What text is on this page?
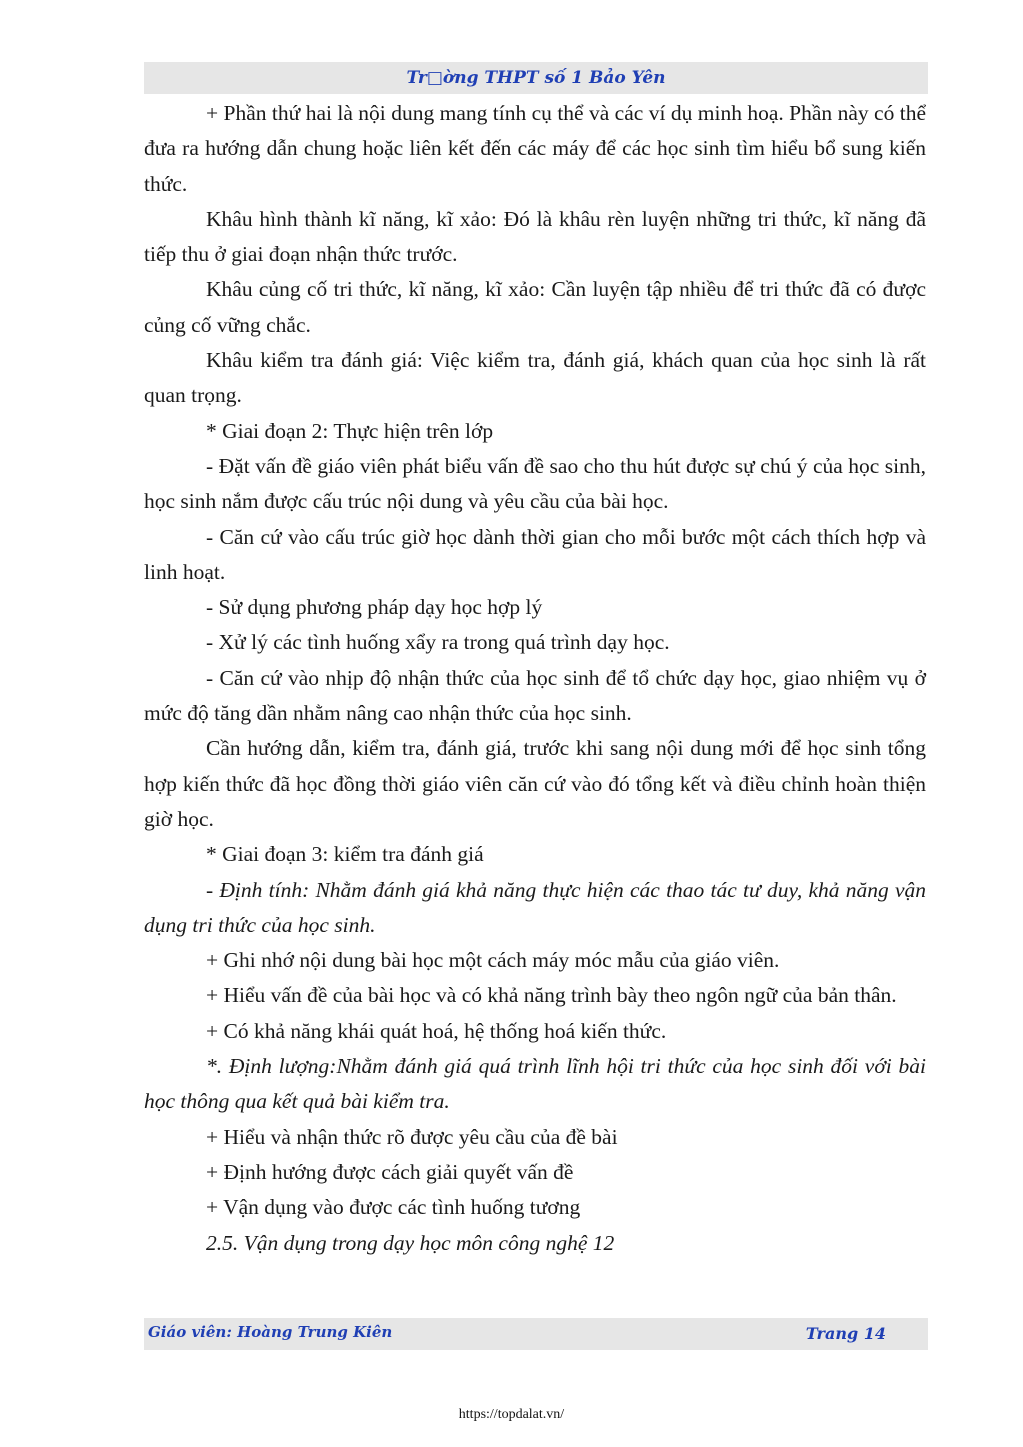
Tr□ờng THPT số 1 Bảo Yên

+ Phần thứ hai là nội dung mang tính cụ thể và các ví dụ minh hoạ. Phần này có thể đưa ra hướng dẫn chung hoặc liên kết đến các máy để các học sinh tìm hiểu bổ sung kiến thức.

Khâu hình thành kĩ năng, kĩ xảo: Đó là khâu rèn luyện những tri thức, kĩ năng đã tiếp thu ở giai đoạn nhận thức trước.

Khâu củng cố tri thức, kĩ năng, kĩ xảo: Cần luyện tập nhiều để tri thức đã có được củng cố vững chắc.

Khâu kiểm tra đánh giá: Việc kiểm tra, đánh giá, khách quan của học sinh là rất quan trọng.

* Giai đoạn 2: Thực hiện trên lớp

- Đặt vấn đề giáo viên phát biểu vấn đề sao cho thu hút được sự chú ý của học sinh, học sinh nắm được cấu trúc nội dung và yêu cầu của bài học.

- Căn cứ vào cấu trúc giờ học dành thời gian cho mỗi bước một cách thích hợp và linh hoạt.

- Sử dụng phương pháp dạy học hợp lý

- Xử lý các tình huống xẩy ra trong quá trình dạy học.

- Căn cứ vào nhịp độ nhận thức của học sinh để tổ chức dạy học, giao nhiệm vụ ở mức độ tăng dần nhằm nâng cao nhận thức của học sinh.

Cần hướng dẫn, kiểm tra, đánh giá, trước khi sang nội dung mới để học sinh tổng hợp kiến thức đã học đồng thời giáo viên căn cứ vào đó tổng kết và điều chỉnh hoàn thiện giờ học.

* Giai đoạn 3: kiểm tra đánh giá

- Định tính: Nhằm đánh giá khả năng thực hiện các thao tác tư duy, khả năng vận dụng tri thức của học sinh.

+ Ghi nhớ nội dung bài học một cách máy móc mẫu của giáo viên.

+ Hiểu vấn đề của bài học và có khả năng trình bày theo ngôn ngữ của bản thân.

+ Có khả năng khái quát hoá, hệ thống hoá kiến thức.

*. Định lượng:Nhằm đánh giá quá trình lĩnh hội tri thức của học sinh đối với bài học thông qua kết quả bài kiểm tra.

+ Hiểu và nhận thức rõ được yêu cầu của đề bài

+ Định hướng được cách giải quyết vấn đề

+ Vận dụng vào được các tình huống tương

2.5. Vận dụng trong dạy học môn công nghệ 12

Giáo viên: Hoàng Trung Kiên	Trang 14
https://topdalat.vn/
